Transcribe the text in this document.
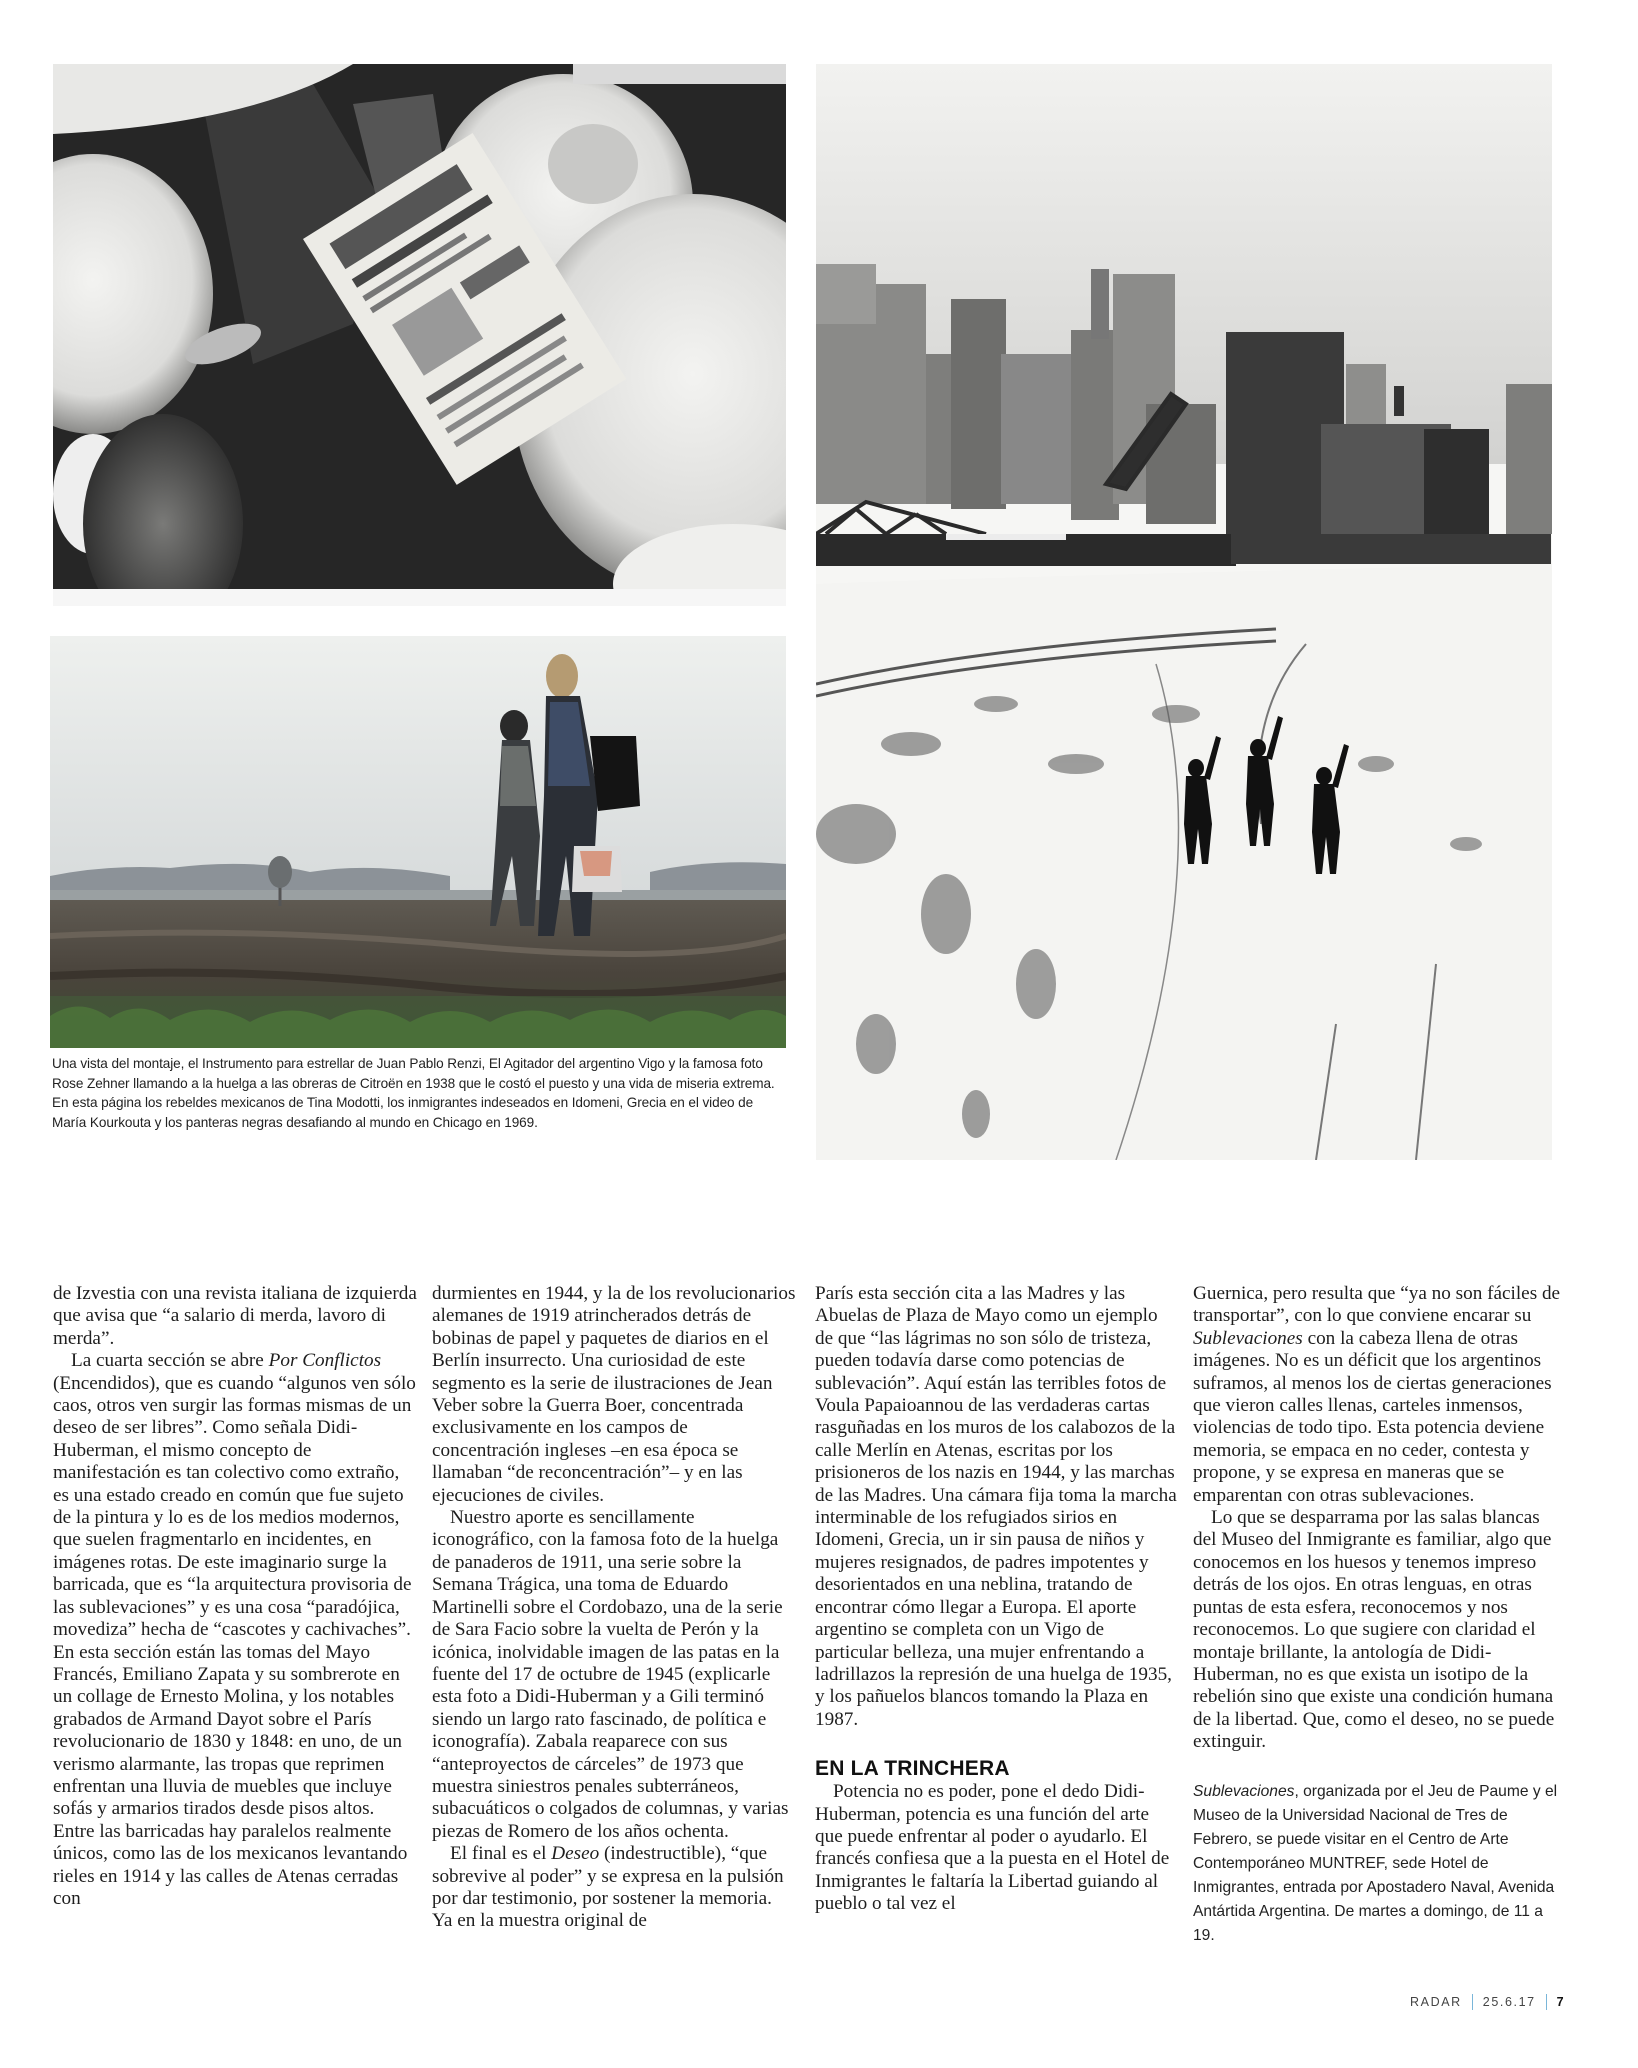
Una vista del montaje, el Instrumento para estrellar de Juan Pablo Renzi, El Agitador del argentino Vigo y la famosa foto Rose Zehner llamando a la huelga a las obreras de Citroën en 1938 que le costó el puesto y una vida de miseria extrema. En esta página los rebeldes mexicanos de Tina Modotti, los inmigrantes indeseados en Idomeni, Grecia en el video de María Kourkouta y los panteras negras desafiando al mundo en Chicago en 1969.

de Izvestia con una revista italiana de izquierda que avisa que “a salario di merda, lavoro di merda”.

La cuarta sección se abre Por Conflictos (Encendidos), que es cuando “algunos ven sólo caos, otros ven surgir las formas mismas de un deseo de ser libres”. Como señala Didi-Huberman, el mismo concepto de manifestación es tan colectivo como extraño, es una estado creado en común que fue sujeto de la pintura y lo es de los medios modernos, que suelen fragmentarlo en incidentes, en imágenes rotas. De este imaginario surge la barricada, que es “la arquitectura provisoria de las sublevaciones” y es una cosa “paradójica, movediza” hecha de “cascotes y cachivaches”. En esta sección están las tomas del Mayo Francés, Emiliano Zapata y su sombrerote en un collage de Ernesto Molina, y los notables grabados de Armand Dayot sobre el París revolucionario de 1830 y 1848: en uno, de un verismo alarmante, las tropas que reprimen enfrentan una lluvia de muebles que incluye sofás y armarios tirados desde pisos altos. Entre las barricadas hay paralelos realmente únicos, como las de los mexicanos levantando rieles en 1914 y las calles de Atenas cerradas con

durmientes en 1944, y la de los revolucionarios alemanes de 1919 atrincherados detrás de bobinas de papel y paquetes de diarios en el Berlín insurrecto. Una curiosidad de este segmento es la serie de ilustraciones de Jean Veber sobre la Guerra Boer, concentrada exclusivamente en los campos de concentración ingleses –en esa época se llamaban “de reconcentración”– y en las ejecuciones de civiles.

Nuestro aporte es sencillamente iconográfico, con la famosa foto de la huelga de panaderos de 1911, una serie sobre la Semana Trágica, una toma de Eduardo Martinelli sobre el Cordobazo, una de la serie de Sara Facio sobre la vuelta de Perón y la icónica, inolvidable imagen de las patas en la fuente del 17 de octubre de 1945 (explicarle esta foto a Didi-Huberman y a Gili terminó siendo un largo rato fascinado, de política e iconografía). Zabala reaparece con sus “anteproyectos de cárceles” de 1973 que muestra siniestros penales subterráneos, subacuáticos o colgados de columnas, y varias piezas de Romero de los años ochenta.

El final es el Deseo (indestructible), “que sobrevive al poder” y se expresa en la pulsión por dar testimonio, por sostener la memoria. Ya en la muestra original de

París esta sección cita a las Madres y las Abuelas de Plaza de Mayo como un ejemplo de que “las lágrimas no son sólo de tristeza, pueden todavía darse como potencias de sublevación”. Aquí están las terribles fotos de Voula Papaioannou de las verdaderas cartas rasguñadas en los muros de los calabozos de la calle Merlín en Atenas, escritas por los prisioneros de los nazis en 1944, y las marchas de las Madres. Una cámara fija toma la marcha interminable de los refugiados sirios en Idomeni, Grecia, un ir sin pausa de niños y mujeres resignados, de padres impotentes y desorientados en una neblina, tratando de encontrar cómo llegar a Europa. El aporte argentino se completa con un Vigo de particular belleza, una mujer enfrentando a ladrillazos la represión de una huelga de 1935, y los pañuelos blancos tomando la Plaza en 1987.

EN LA TRINCHERA

Potencia no es poder, pone el dedo Didi-Huberman, potencia es una función del arte que puede enfrentar al poder o ayudarlo. El francés confiesa que a la puesta en el Hotel de Inmigrantes le faltaría la Libertad guiando al pueblo o tal vez el

Guernica, pero resulta que “ya no son fáciles de transportar”, con lo que conviene encarar su Sublevaciones con la cabeza llena de otras imágenes. No es un déficit que los argentinos suframos, al menos los de ciertas generaciones que vieron calles llenas, carteles inmensos, violencias de todo tipo. Esta potencia deviene memoria, se empaca en no ceder, contesta y propone, y se expresa en maneras que se emparentan con otras sublevaciones.

Lo que se desparrama por las salas blancas del Museo del Inmigrante es familiar, algo que conocemos en los huesos y tenemos impreso detrás de los ojos. En otras lenguas, en otras puntas de esta esfera, reconocemos y nos reconocemos. Lo que sugiere con claridad el montaje brillante, la antología de Didi-Huberman, no es que exista un isotipo de la rebelión sino que existe una condición humana de la libertad. Que, como el deseo, no se puede extinguir.

Sublevaciones, organizada por el Jeu de Paume y el Museo de la Universidad Nacional de Tres de Febrero, se puede visitar en el Centro de Arte Contemporáneo MUNTREF, sede Hotel de Inmigrantes, entrada por Apostadero Naval, Avenida Antártida Argentina. De martes a domingo, de 11 a 19.

RADAR 25.6.17 7
